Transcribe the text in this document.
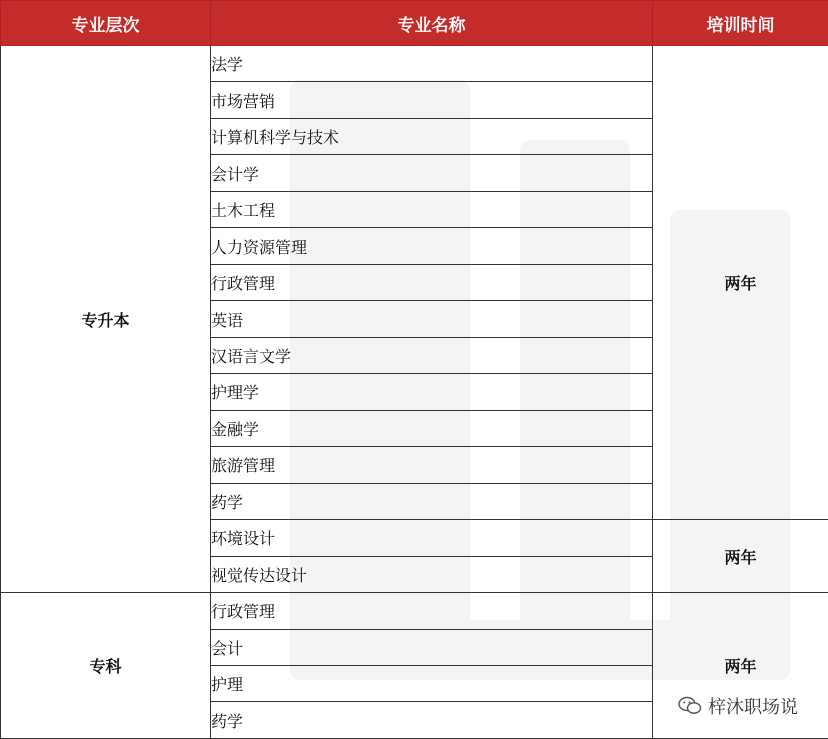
专业层次	专业名称	培训时间
专升本	法学	两年
	市场营销	
	计算机科学与技术	
	会计学	
	土木工程	
	人力资源管理	
	行政管理	
	英语	
	汉语言文学	
	护理学	
	金融学	
	旅游管理	
	药学	
	环境设计	两年
	视觉传达设计	
专科	行政管理	两年
	会计	
	护理	
	药学	
梓沐职场说
